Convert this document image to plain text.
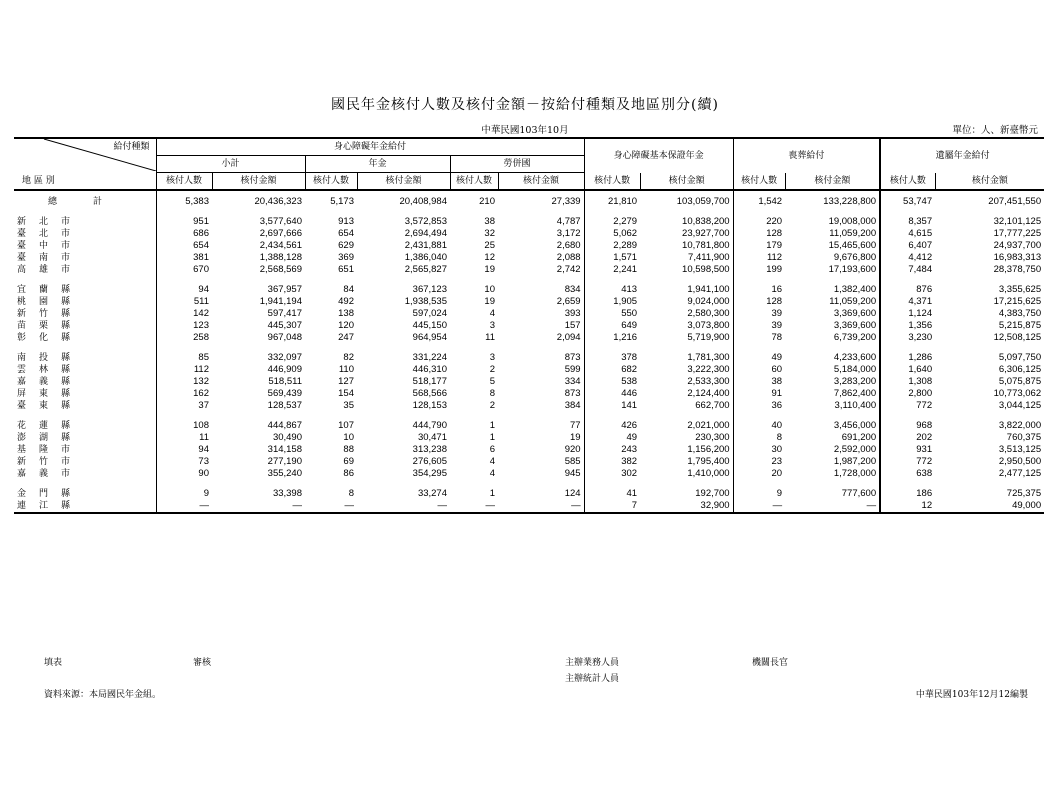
國民年金核付人數及核付金額－按給付種類及地區別分(續)
中華民國103年10月	單位：人、新臺幣元
給付種類	身心障礙年金給付						身心障礙基本保證年金		喪葬給付		遺屬年金給付	
	小計		年金		勞併國							
地 區 別	核付人數	核付金額	核付人數	核付金額	核付人數	核付金額	核付人數	核付金額	核付人數	核付金額	核付人數	核付金額

總　　　　計	5,383	20,436,323	5,173	20,408,984	210	27,339	21,810	103,059,700	1,542	133,228,800	53,747	207,451,550

新北市	951	3,577,640	913	3,572,853	38	4,787	2,279	10,838,200	220	19,008,000	8,357	32,101,125
臺北市	686	2,697,666	654	2,694,494	32	3,172	5,062	23,927,700	128	11,059,200	4,615	17,777,225
臺中市	654	2,434,561	629	2,431,881	25	2,680	2,289	10,781,800	179	15,465,600	6,407	24,937,700
臺南市	381	1,388,128	369	1,386,040	12	2,088	1,571	7,411,900	112	9,676,800	4,412	16,983,313
高雄市	670	2,568,569	651	2,565,827	19	2,742	2,241	10,598,500	199	17,193,600	7,484	28,378,750

宜蘭縣	94	367,957	84	367,123	10	834	413	1,941,100	16	1,382,400	876	3,355,625
桃園縣	511	1,941,194	492	1,938,535	19	2,659	1,905	9,024,000	128	11,059,200	4,371	17,215,625
新竹縣	142	597,417	138	597,024	4	393	550	2,580,300	39	3,369,600	1,124	4,383,750
苗栗縣	123	445,307	120	445,150	3	157	649	3,073,800	39	3,369,600	1,356	5,215,875
彰化縣	258	967,048	247	964,954	11	2,094	1,216	5,719,900	78	6,739,200	3,230	12,508,125

南投縣	85	332,097	82	331,224	3	873	378	1,781,300	49	4,233,600	1,286	5,097,750
雲林縣	112	446,909	110	446,310	2	599	682	3,222,300	60	5,184,000	1,640	6,306,125
嘉義縣	132	518,511	127	518,177	5	334	538	2,533,300	38	3,283,200	1,308	5,075,875
屏東縣	162	569,439	154	568,566	8	873	446	2,124,400	91	7,862,400	2,800	10,773,062
臺東縣	37	128,537	35	128,153	2	384	141	662,700	36	3,110,400	772	3,044,125

花蓮縣	108	444,867	107	444,790	1	77	426	2,021,000	40	3,456,000	968	3,822,000
澎湖縣	11	30,490	10	30,471	1	19	49	230,300	8	691,200	202	760,375
基隆市	94	314,158	88	313,238	6	920	243	1,156,200	30	2,592,000	931	3,513,125
新竹市	73	277,190	69	276,605	4	585	382	1,795,400	23	1,987,200	772	2,950,500
嘉義市	90	355,240	86	354,295	4	945	302	1,410,000	20	1,728,000	638	2,477,125

金門縣	9	33,398	8	33,274	1	124	41	192,700	9	777,600	186	725,375
連江縣	—	—	—	—	—	—	7	32,900	—	—	12	49,000
填表	審核	主辦業務人員	機關長官
主辦統計人員
資料來源：本局國民年金組。	中華民國103年12月12編製
